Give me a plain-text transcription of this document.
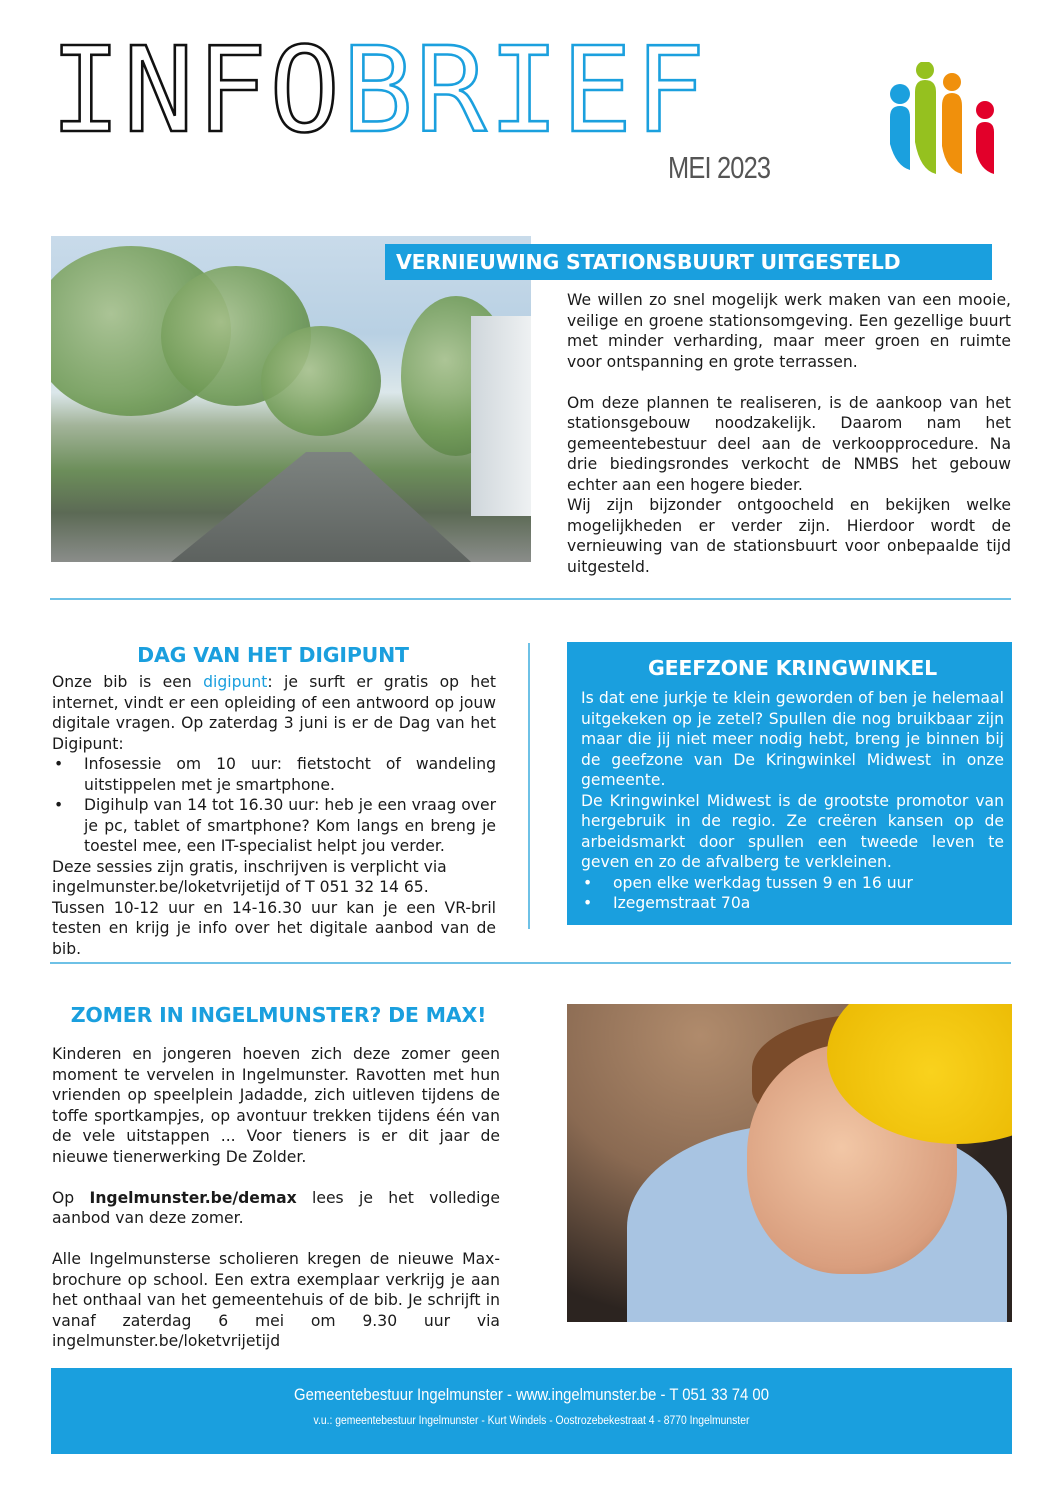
INFOBRIEF
MEI 2023
VERNIEUWING STATIONSBUURT UITGESTELD

We willen zo snel mogelijk werk maken van een mooie, veilige en groene stationsomgeving. Een gezellige buurt met minder verharding, maar meer groen en ruimte voor ontspanning en grote terrassen.

Om deze plannen te realiseren, is de aankoop van het stationsgebouw noodzakelijk. Daarom nam het gemeentebestuur deel aan de verkoopprocedure. Na drie biedingsrondes verkocht de NMBS het gebouw echter aan een hogere bieder.

Wij zijn bijzonder ontgoocheld en bekijken welke mogelijkheden er verder zijn. Hierdoor wordt de vernieuwing van de stationsbuurt voor onbepaalde tijd uitgesteld.

DAG VAN HET DIGIPUNT

Onze bib is een digipunt: je surft er gratis op het internet, vindt er een opleiding of een antwoord op jouw digitale vragen. Op zaterdag 3 juni is er de Dag van het Digipunt:

• Infosessie om 10 uur: fietstocht of wandeling uitstippelen met je smartphone.
• Digihulp van 14 tot 16.30 uur: heb je een vraag over je pc, tablet of smartphone? Kom langs en breng je toestel mee, een IT-specialist helpt jou verder.

Deze sessies zijn gratis, inschrijven is verplicht via ingelmunster.be/loketvrijetijd of T 051 32 14 65.

Tussen 10-12 uur en 14-16.30 uur kan je een VR-bril testen en krijg je info over het digitale aanbod van de bib.

GEEFZONE KRINGWINKEL

Is dat ene jurkje te klein geworden of ben je helemaal uitgekeken op je zetel? Spullen die nog bruikbaar zijn maar die jij niet meer nodig hebt, breng je binnen bij de geefzone van De Kringwinkel Midwest in onze gemeente.

De Kringwinkel Midwest is de grootste promotor van hergebruik in de regio. Ze creëren kansen op de arbeidsmarkt door spullen een tweede leven te geven en zo de afvalberg te verkleinen.

• open elke werkdag tussen 9 en 16 uur
• Izegemstraat 70a
ZOMER IN INGELMUNSTER? DE MAX!

Kinderen en jongeren hoeven zich deze zomer geen moment te vervelen in Ingelmunster. Ravotten met hun vrienden op speelplein Jadadde, zich uitleven tijdens de toffe sportkampjes, op avontuur trekken tijdens één van de vele uitstappen ... Voor tieners is er dit jaar de nieuwe tienerwerking De Zolder.

Op Ingelmunster.be/demax lees je het volledige aanbod van deze zomer.

Alle Ingelmunsterse scholieren kregen de nieuwe Max-brochure op school. Een extra exemplaar verkrijg je aan het onthaal van het gemeentehuis of de bib. Je schrijft in vanaf zaterdag 6 mei om 9.30 uur via ingelmunster.be/loketvrijetijd

Gemeentebestuur Ingelmunster - www.ingelmunster.be - T 051 33 74 00
v.u.: gemeentebestuur Ingelmunster - Kurt Windels - Oostrozebekestraat 4 - 8770 Ingelmunster
